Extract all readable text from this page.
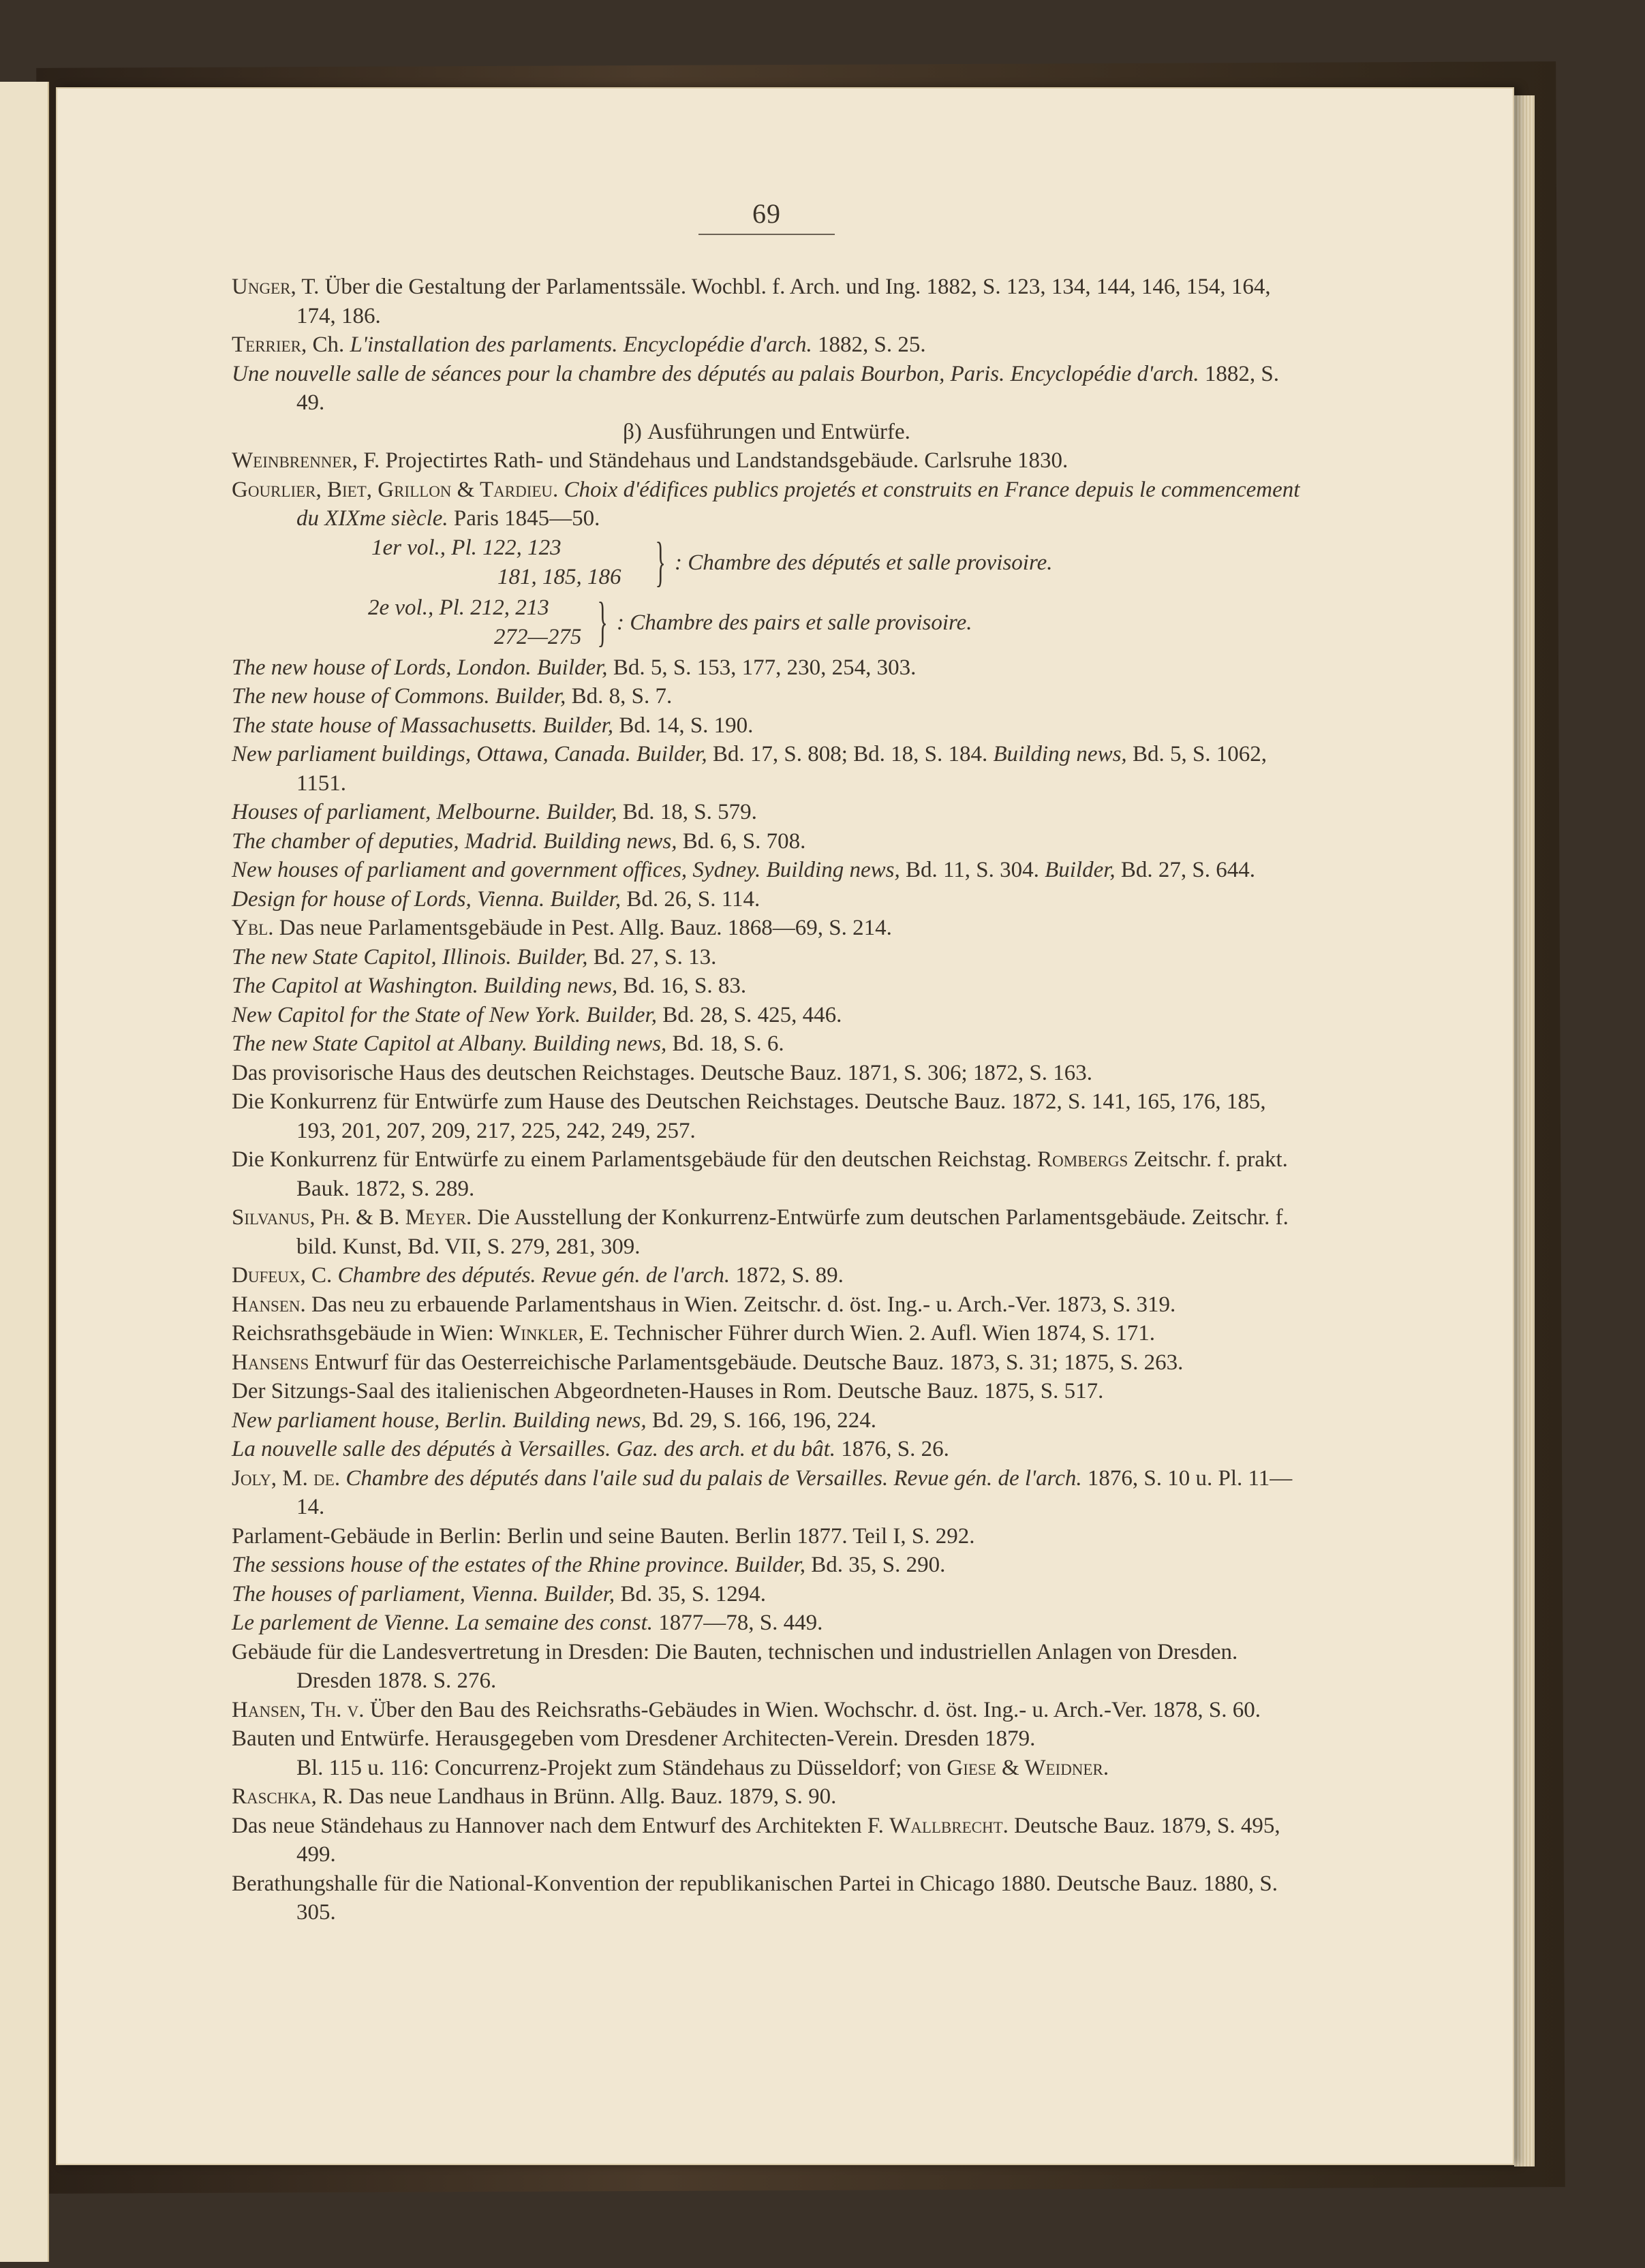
69

Unger, T. Über die Gestaltung der Parlamentssäle. Wochbl. f. Arch. und Ing. 1882, S. 123, 134, 144, 146, 154, 164, 174, 186.

Terrier, Ch. L'installation des parlaments. Encyclopédie d'arch. 1882, S. 25.

Une nouvelle salle de séances pour la chambre des députés au palais Bourbon, Paris. Encyclopédie d'arch. 1882, S. 49.

β) Ausführungen und Entwürfe.

Weinbrenner, F. Projectirtes Rath- und Ständehaus und Landstandsgebäude. Carlsruhe 1830.

Gourlier, Biet, Grillon & Tardieu. Choix d'édifices publics projetés et construits en France depuis le commencement du XIXme siècle. Paris 1845—50.

1er vol., Pl. 122, 123
181, 185, 186 } : Chambre des députés et salle provisoire.
2e vol., Pl. 212, 213
272—275 } : Chambre des pairs et salle provisoire.

The new house of Lords, London. Builder, Bd. 5, S. 153, 177, 230, 254, 303.

The new house of Commons. Builder, Bd. 8, S. 7.

The state house of Massachusetts. Builder, Bd. 14, S. 190.

New parliament buildings, Ottawa, Canada. Builder, Bd. 17, S. 808; Bd. 18, S. 184. Building news, Bd. 5, S. 1062, 1151.

Houses of parliament, Melbourne. Builder, Bd. 18, S. 579.

The chamber of deputies, Madrid. Building news, Bd. 6, S. 708.

New houses of parliament and government offices, Sydney. Building news, Bd. 11, S. 304. Builder, Bd. 27, S. 644.

Design for house of Lords, Vienna. Builder, Bd. 26, S. 114.

Ybl. Das neue Parlamentsgebäude in Pest. Allg. Bauz. 1868—69, S. 214.

The new State Capitol, Illinois. Builder, Bd. 27, S. 13.

The Capitol at Washington. Building news, Bd. 16, S. 83.

New Capitol for the State of New York. Builder, Bd. 28, S. 425, 446.

The new State Capitol at Albany. Building news, Bd. 18, S. 6.

Das provisorische Haus des deutschen Reichstages. Deutsche Bauz. 1871, S. 306; 1872, S. 163.

Die Konkurrenz für Entwürfe zum Hause des Deutschen Reichstages. Deutsche Bauz. 1872, S. 141, 165, 176, 185, 193, 201, 207, 209, 217, 225, 242, 249, 257.

Die Konkurrenz für Entwürfe zu einem Parlamentsgebäude für den deutschen Reichstag. Rombergs Zeitschr. f. prakt. Bauk. 1872, S. 289.

Silvanus, Ph. & B. Meyer. Die Ausstellung der Konkurrenz-Entwürfe zum deutschen Parlamentsgebäude. Zeitschr. f. bild. Kunst, Bd. VII, S. 279, 281, 309.

Dufeux, C. Chambre des députés. Revue gén. de l'arch. 1872, S. 89.

Hansen. Das neu zu erbauende Parlamentshaus in Wien. Zeitschr. d. öst. Ing.- u. Arch.-Ver. 1873, S. 319.

Reichsrathsgebäude in Wien: Winkler, E. Technischer Führer durch Wien. 2. Aufl. Wien 1874, S. 171.

Hansens Entwurf für das Oesterreichische Parlamentsgebäude. Deutsche Bauz. 1873, S. 31; 1875, S. 263.

Der Sitzungs-Saal des italienischen Abgeordneten-Hauses in Rom. Deutsche Bauz. 1875, S. 517.

New parliament house, Berlin. Building news, Bd. 29, S. 166, 196, 224.

La nouvelle salle des députés à Versailles. Gaz. des arch. et du bât. 1876, S. 26.

Joly, M. de. Chambre des députés dans l'aile sud du palais de Versailles. Revue gén. de l'arch. 1876, S. 10 u. Pl. 11—14.

Parlament-Gebäude in Berlin: Berlin und seine Bauten. Berlin 1877. Teil I, S. 292.

The sessions house of the estates of the Rhine province. Builder, Bd. 35, S. 290.

The houses of parliament, Vienna. Builder, Bd. 35, S. 1294.

Le parlement de Vienne. La semaine des const. 1877—78, S. 449.

Gebäude für die Landesvertretung in Dresden: Die Bauten, technischen und industriellen Anlagen von Dresden. Dresden 1878. S. 276.

Hansen, Th. v. Über den Bau des Reichsraths-Gebäudes in Wien. Wochschr. d. öst. Ing.- u. Arch.-Ver. 1878, S. 60.

Bauten und Entwürfe. Herausgegeben vom Dresdener Architecten-Verein. Dresden 1879.

Bl. 115 u. 116: Concurrenz-Projekt zum Ständehaus zu Düsseldorf; von Giese & Weidner.

Raschka, R. Das neue Landhaus in Brünn. Allg. Bauz. 1879, S. 90.

Das neue Ständehaus zu Hannover nach dem Entwurf des Architekten F. Wallbrecht. Deutsche Bauz. 1879, S. 495, 499.

Berathungshalle für die National-Konvention der republikanischen Partei in Chicago 1880. Deutsche Bauz. 1880, S. 305.
